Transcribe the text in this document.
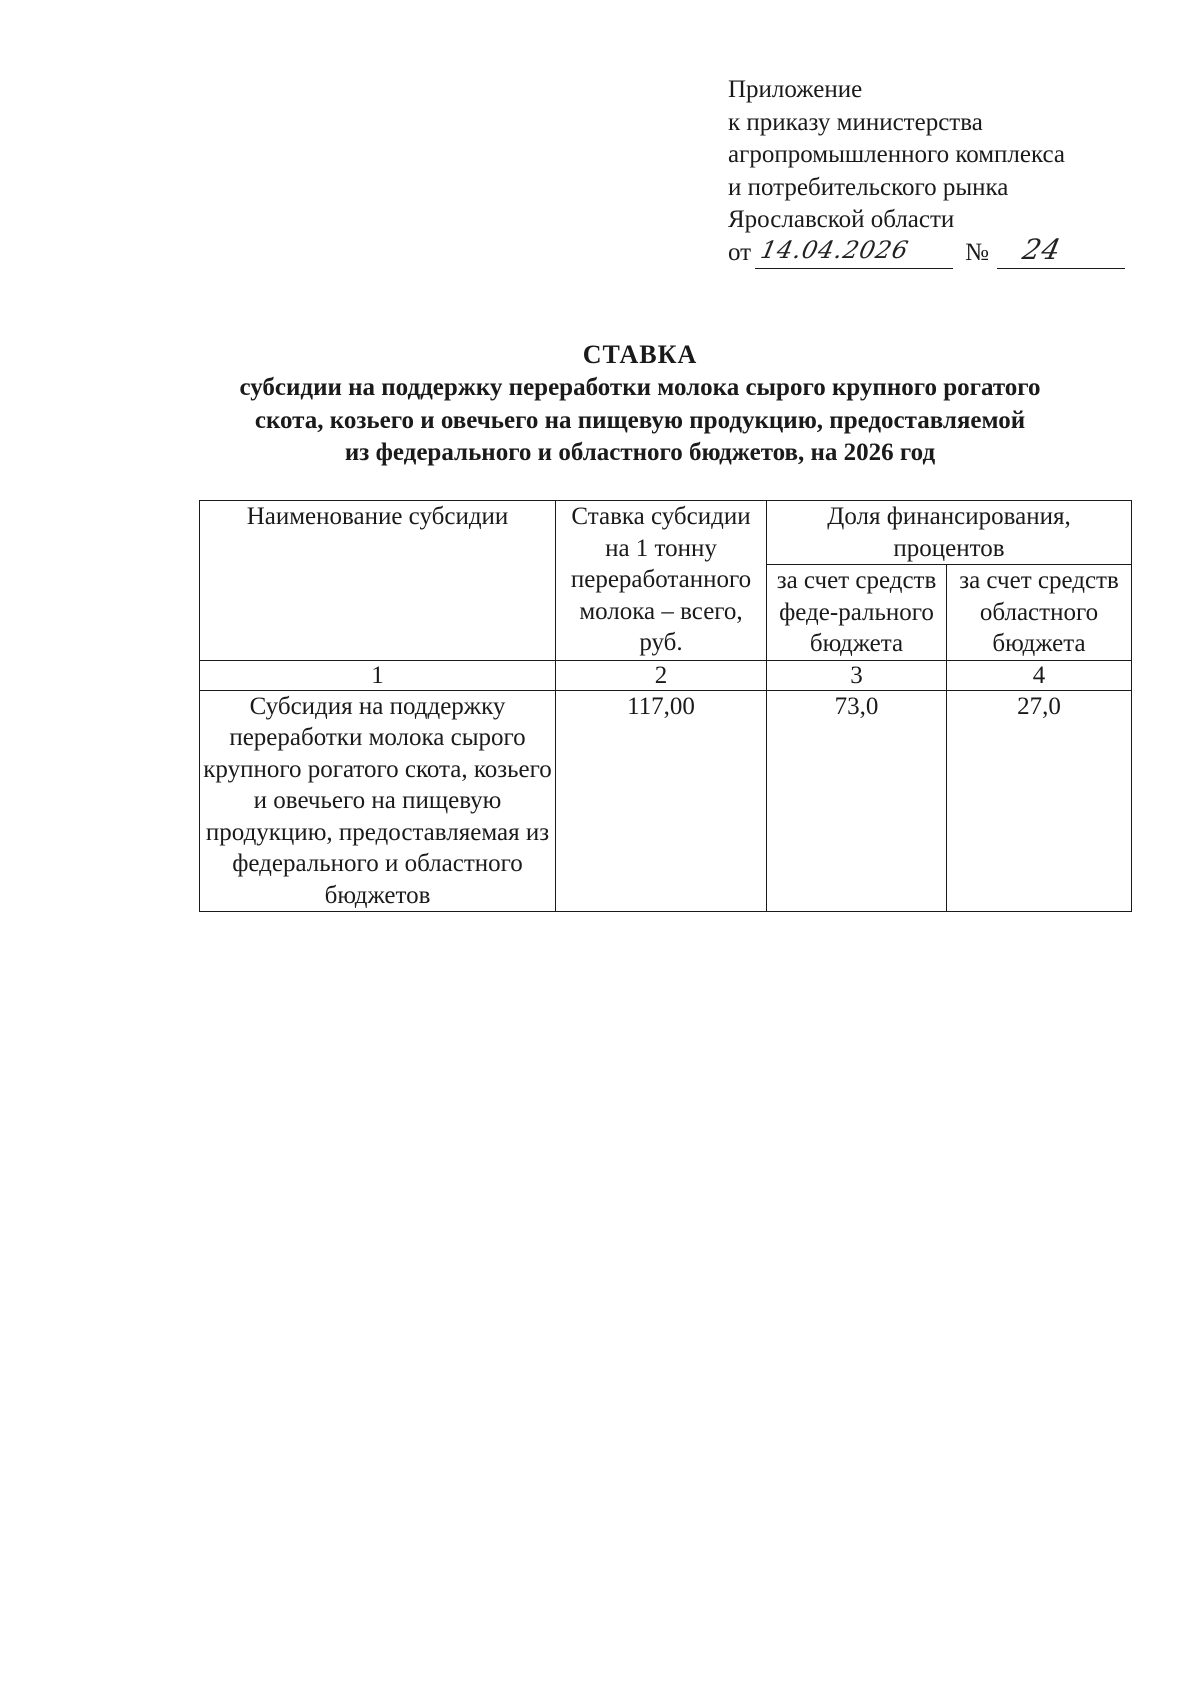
Приложение
к приказу министерства
агропромышленного комплекса
и потребительского рынка
Ярославской области
от 14.04.2026 № 24
СТАВКА
субсидии на поддержку переработки молока сырого крупного рогатого
скота, козьего и овечьего на пищевую продукцию, предоставляемой
из федерального и областного бюджетов, на 2026 год
Наименование субсидии	Ставка субсидии на 1 тонну переработанного молока – всего, руб.	Доля финансирования, процентов	
		за счет средств феде-рального бюджета	за счет средств областного бюджета
1	2	3	4
Субсидия на поддержку переработки молока сырого крупного рогатого скота, козьего и овечьего на пищевую продукцию, предоставляемая из федерального и областного бюджетов	117,00	73,0	27,0
